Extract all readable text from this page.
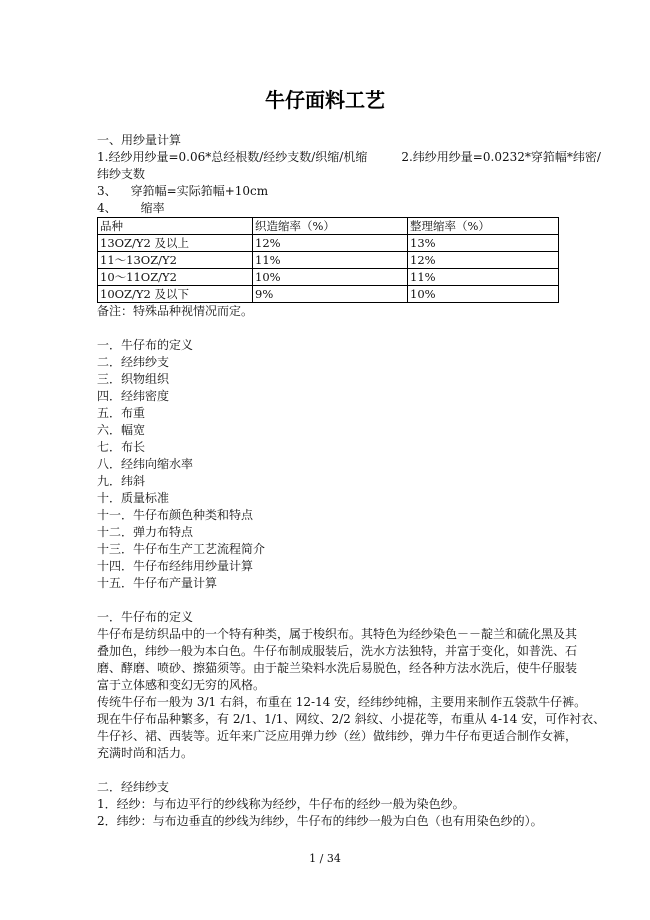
牛仔面料工艺
一、用纱量计算
1.经纱用纱量=0.06*总经根数/经纱支数/织缩/机缩	2.纬纱用纱量=0.0232*穿筘幅*纬密/
纬纱支数
3、 穿筘幅=实际筘幅+10cm
4、 缩率
品种	织造缩率（%）	整理缩率（%）
13OZ/Y2 及以上	12%	13%
11～13OZ/Y2	11%	12%
10～11OZ/Y2	10%	11%
10OZ/Y2 及以下	9%	10%
备注：特殊品种视情况而定。
一．牛仔布的定义
二．经纬纱支
三．织物组织
四．经纬密度
五．布重
六．幅宽
七．布长
八．经纬向缩水率
九．纬斜
十．质量标准
十一．牛仔布颜色种类和特点
十二．弹力布特点
十三．牛仔布生产工艺流程简介
十四．牛仔布经纬用纱量计算
十五．牛仔布产量计算
一．牛仔布的定义
牛仔布是纺织品中的一个特有种类，属于梭织布。其特色为经纱染色－－靛兰和硫化黑及其
叠加色，纬纱一般为本白色。牛仔布制成服装后，洗水方法独特，并富于变化，如普洗、石
磨、酵磨、喷砂、擦猫须等。由于靛兰染料水洗后易脱色，经各种方法水洗后，使牛仔服装
富于立体感和变幻无穷的风格。
传统牛仔布一般为 3/1 右斜，布重在 12-14 安，经纬纱纯棉，主要用来制作五袋款牛仔裤。
现在牛仔布品种繁多，有 2/1、1/1、网纹、2/2 斜纹、小提花等，布重从 4-14 安，可作衬衣、
牛仔衫、裙、西装等。近年来广泛应用弹力纱（丝）做纬纱，弹力牛仔布更适合制作女裤，
充满时尚和活力。
二．经纬纱支
1．经纱：与布边平行的纱线称为经纱，牛仔布的经纱一般为染色纱。
2．纬纱：与布边垂直的纱线为纬纱，牛仔布的纬纱一般为白色（也有用染色纱的）。
1 / 34
